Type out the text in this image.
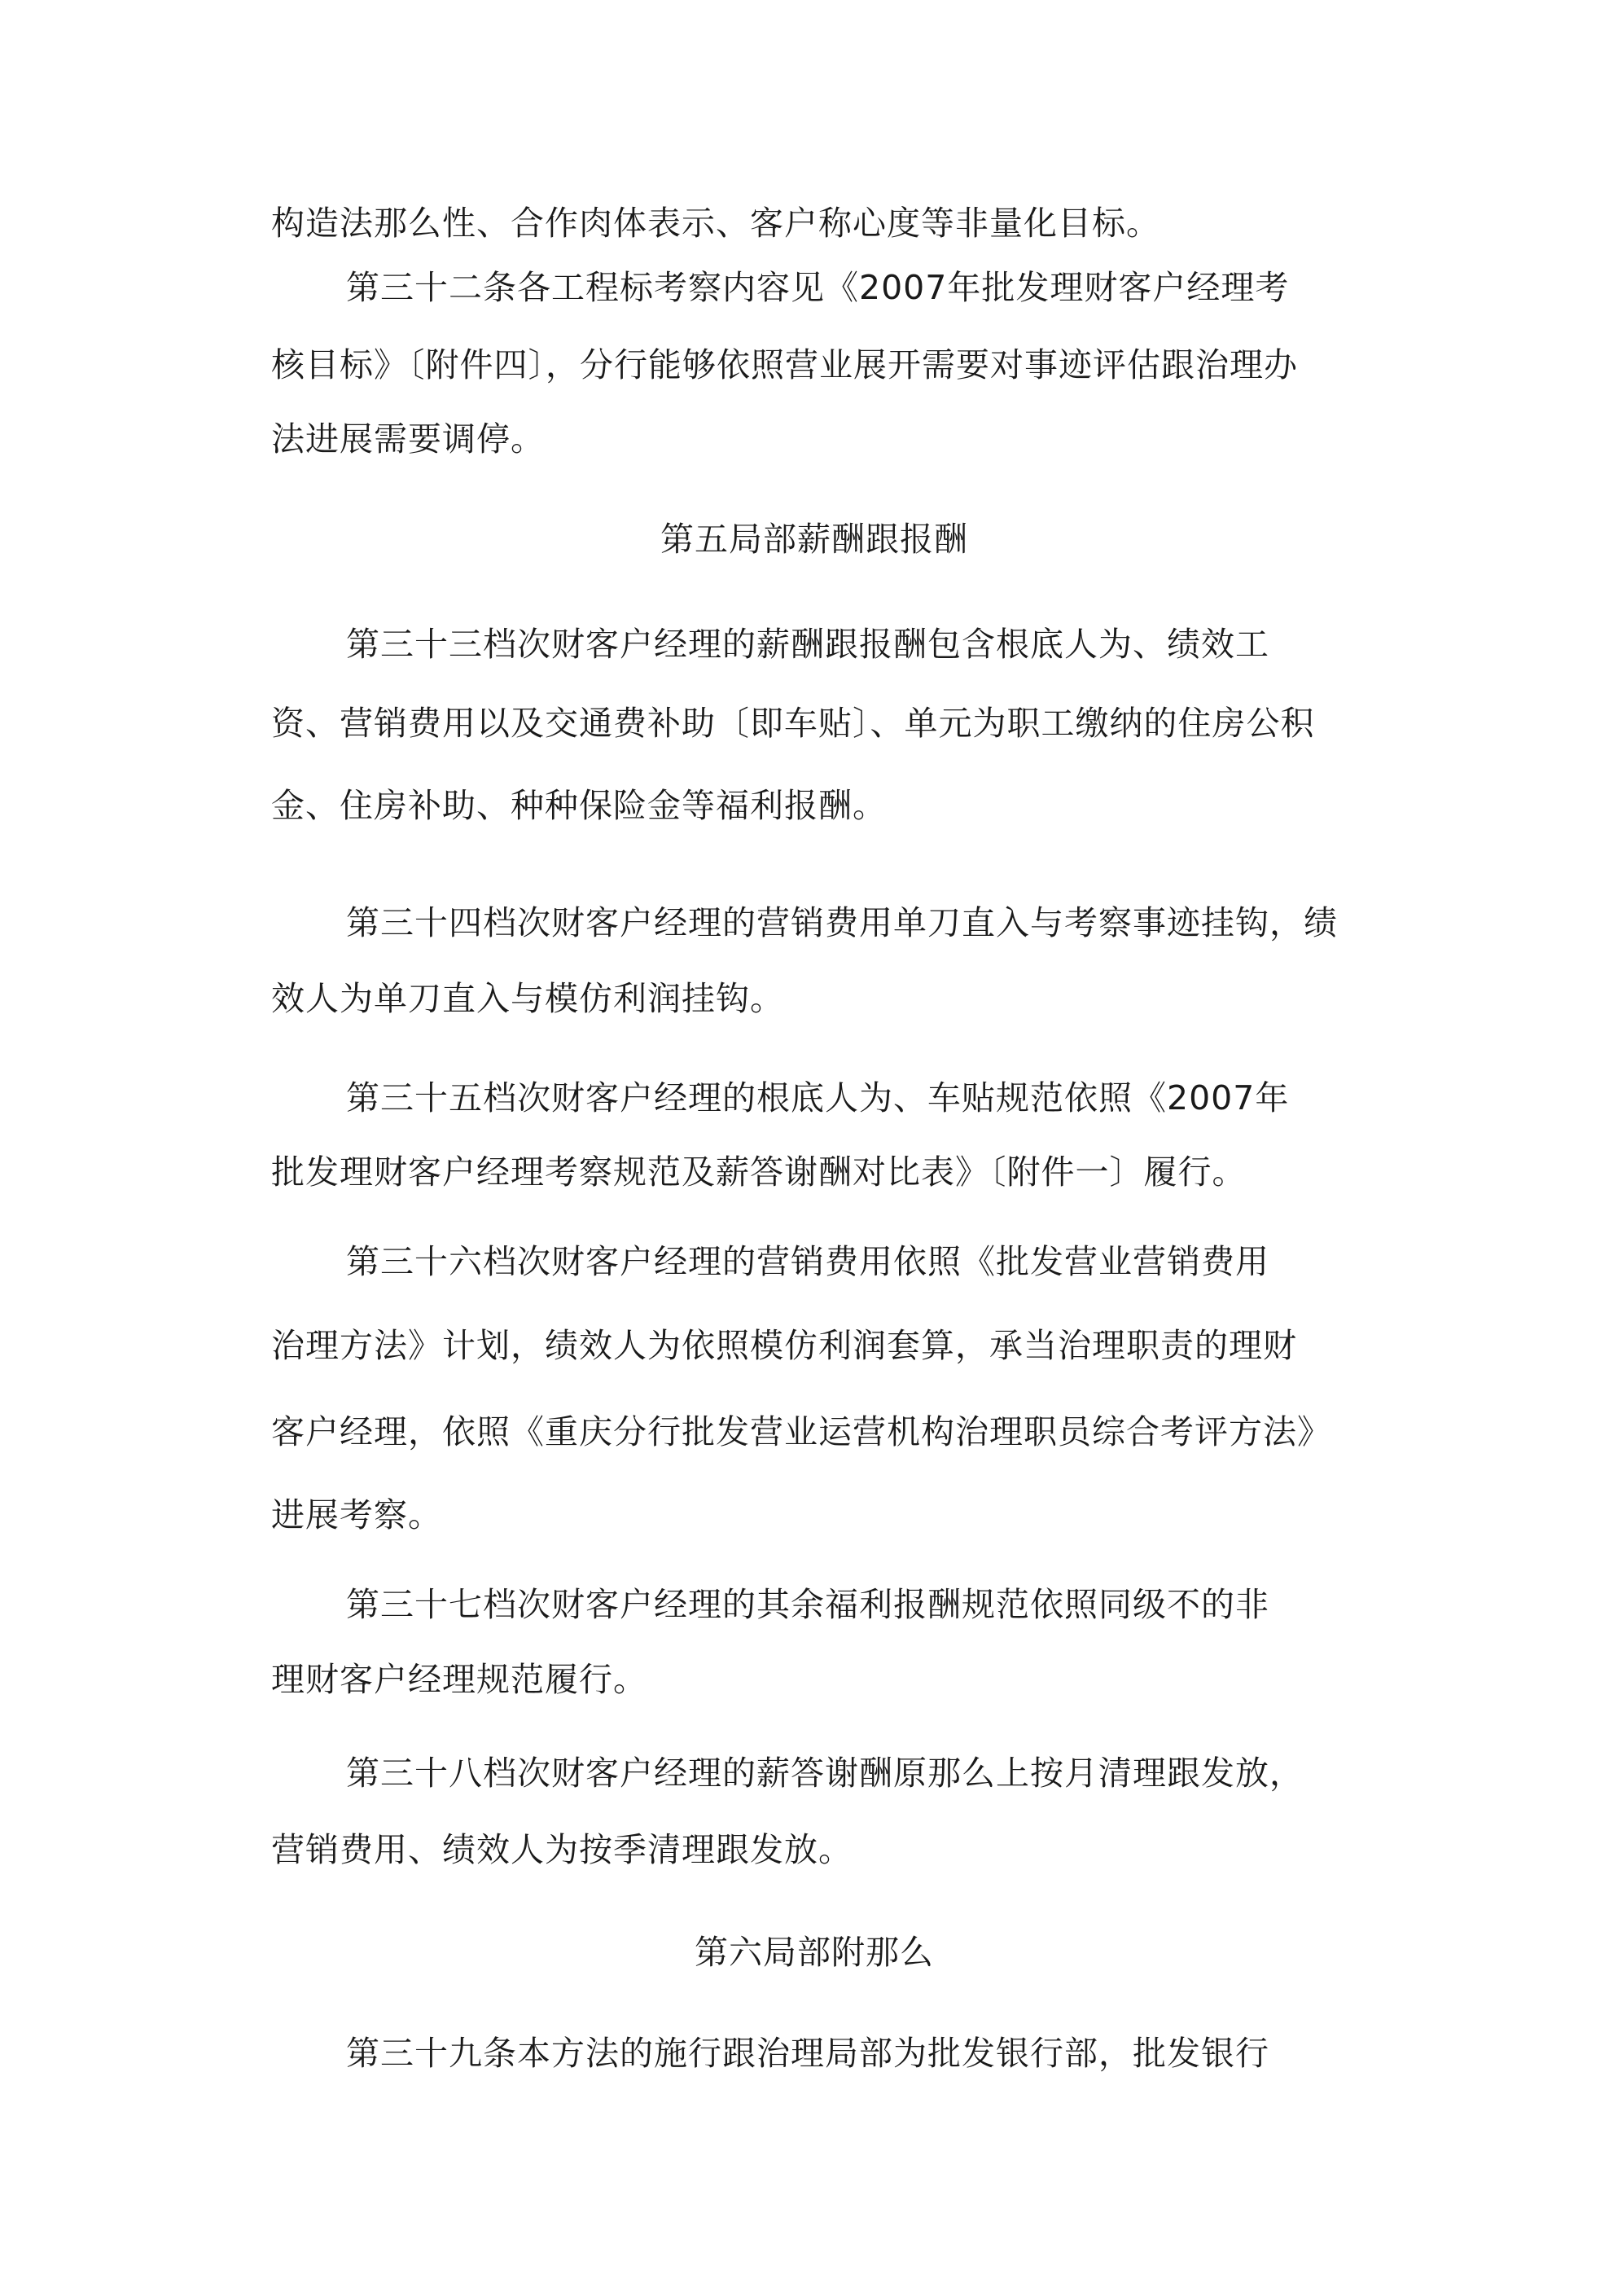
构造法那么性、合作肉体表示、客户称心度等非量化目标。

第三十二条各工程标考察内容见《2007年批发理财客户经理考

核目标》〔附件四〕，分行能够依照营业展开需要对事迹评估跟治理办

法进展需要调停。

第五局部薪酬跟报酬

第三十三档次财客户经理的薪酬跟报酬包含根底人为、绩效工

资、营销费用以及交通费补助〔即车贴〕、单元为职工缴纳的住房公积

金、住房补助、种种保险金等福利报酬。

第三十四档次财客户经理的营销费用单刀直入与考察事迹挂钩，绩

效人为单刀直入与模仿利润挂钩。

第三十五档次财客户经理的根底人为、车贴规范依照《2007年

批发理财客户经理考察规范及薪答谢酬对比表》〔附件一〕履行。

第三十六档次财客户经理的营销费用依照《批发营业营销费用

治理方法》计划，绩效人为依照模仿利润套算，承当治理职责的理财

客户经理，依照《重庆分行批发营业运营机构治理职员综合考评方法》

进展考察。

第三十七档次财客户经理的其余福利报酬规范依照同级不的非

理财客户经理规范履行。

第三十八档次财客户经理的薪答谢酬原那么上按月清理跟发放，

营销费用、绩效人为按季清理跟发放。

第六局部附那么

第三十九条本方法的施行跟治理局部为批发银行部，批发银行
